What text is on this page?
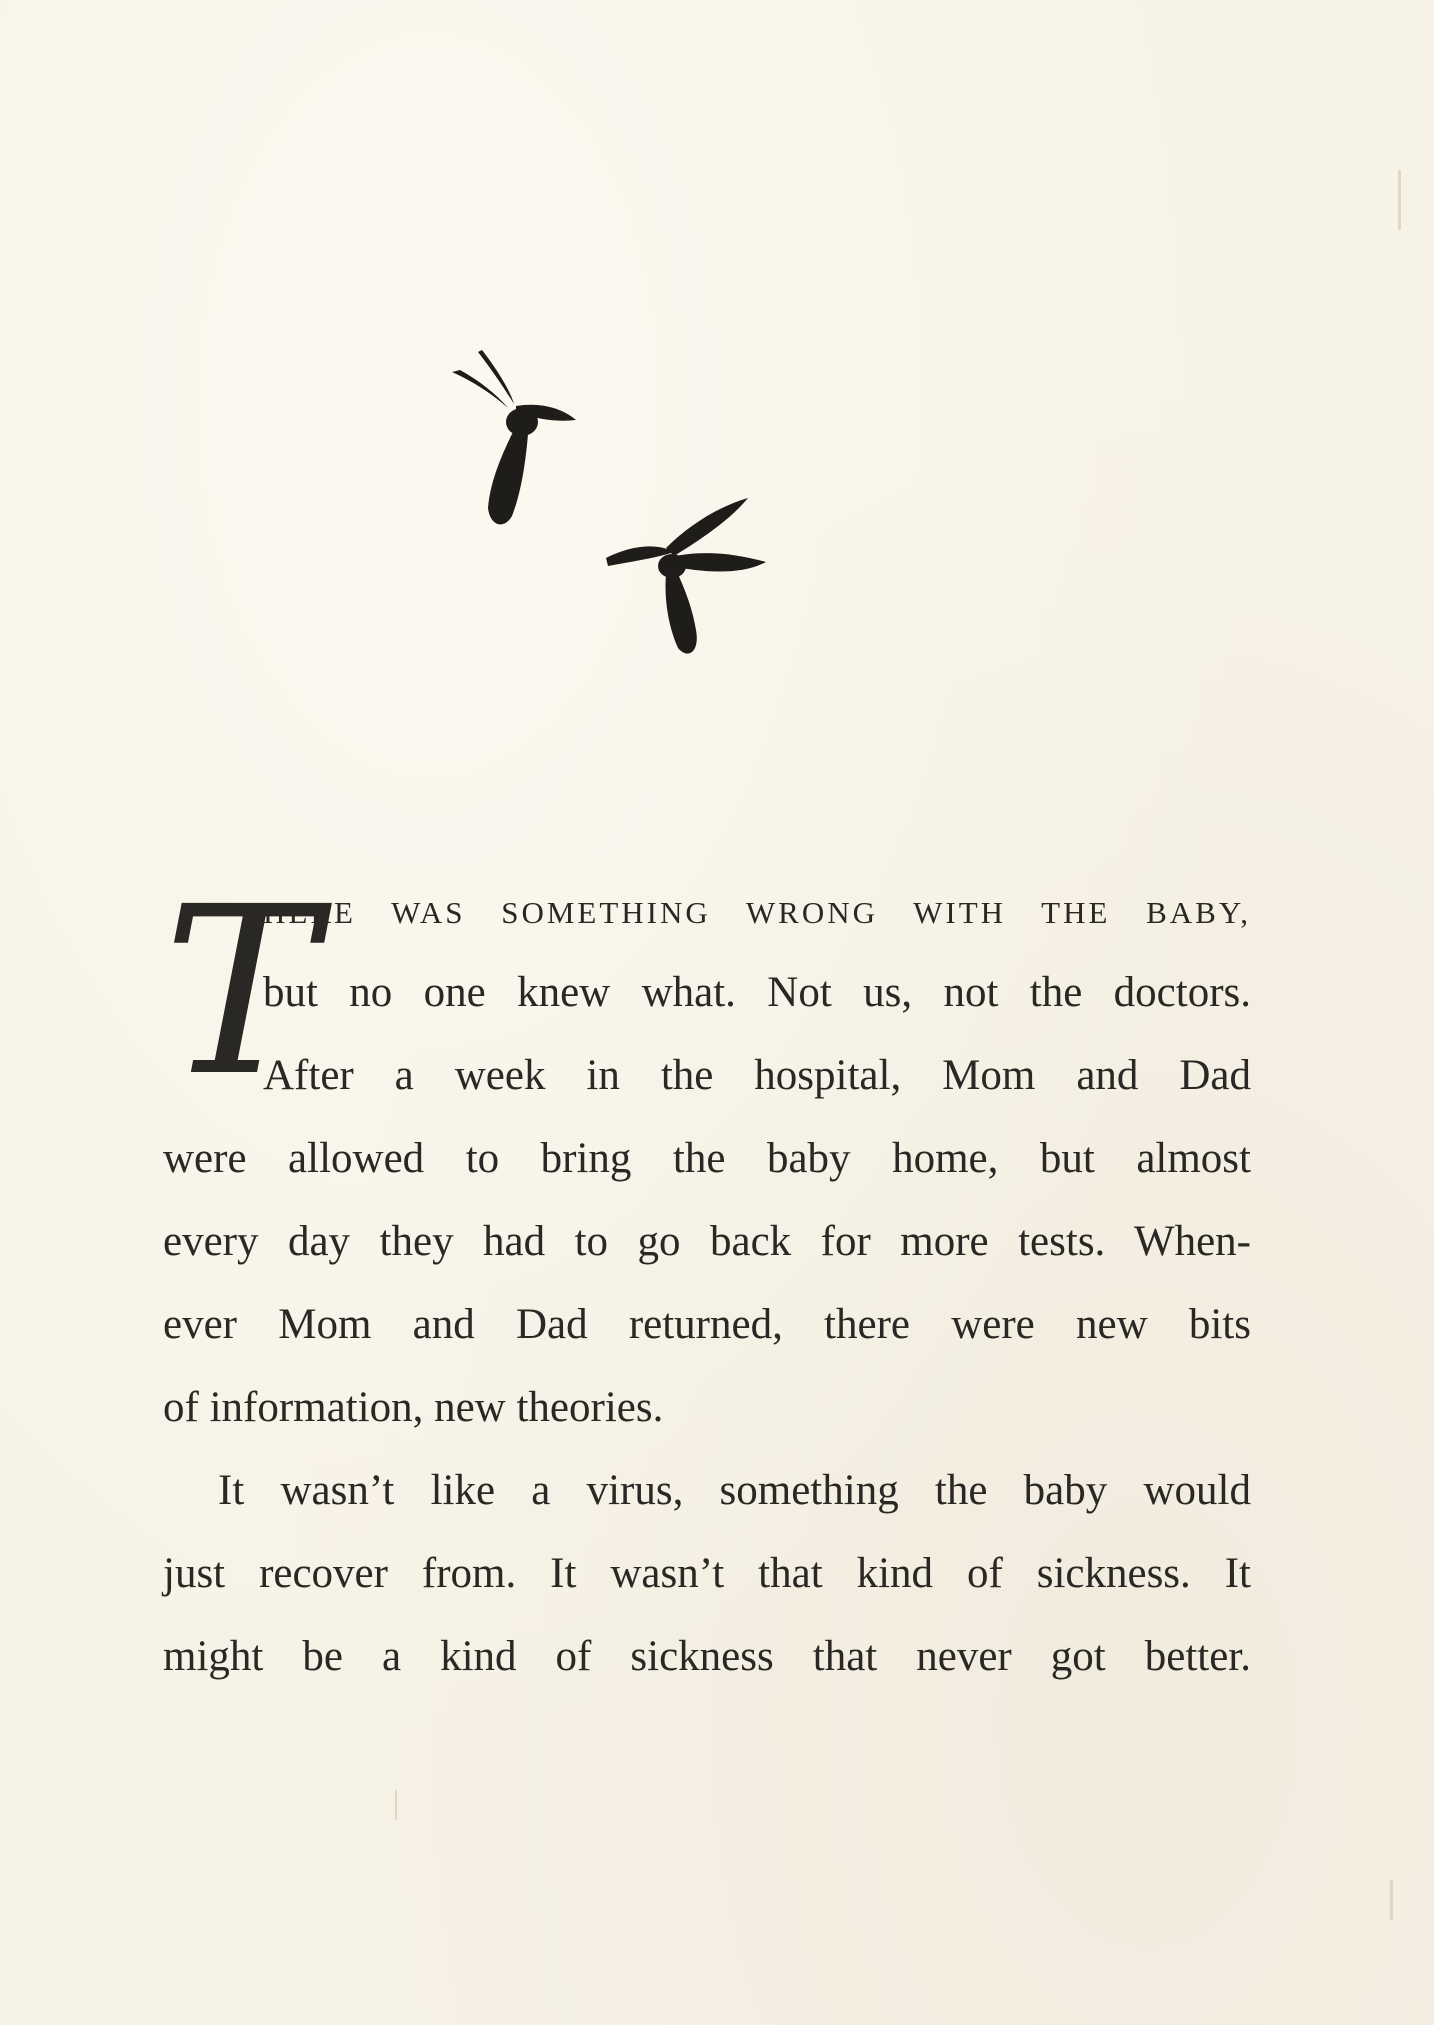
T
HERE WAS SOMETHING WRONG WITH THE BABY,
but no one knew what. Not us, not the doctors.
After a week in the hospital, Mom and Dad
were allowed to bring the baby home, but almost
every day they had to go back for more tests. When-
ever Mom and Dad returned, there were new bits
of information, new theories.
It wasn’t like a virus, something the baby would
just recover from. It wasn’t that kind of sickness. It
might be a kind of sickness that never got better.
